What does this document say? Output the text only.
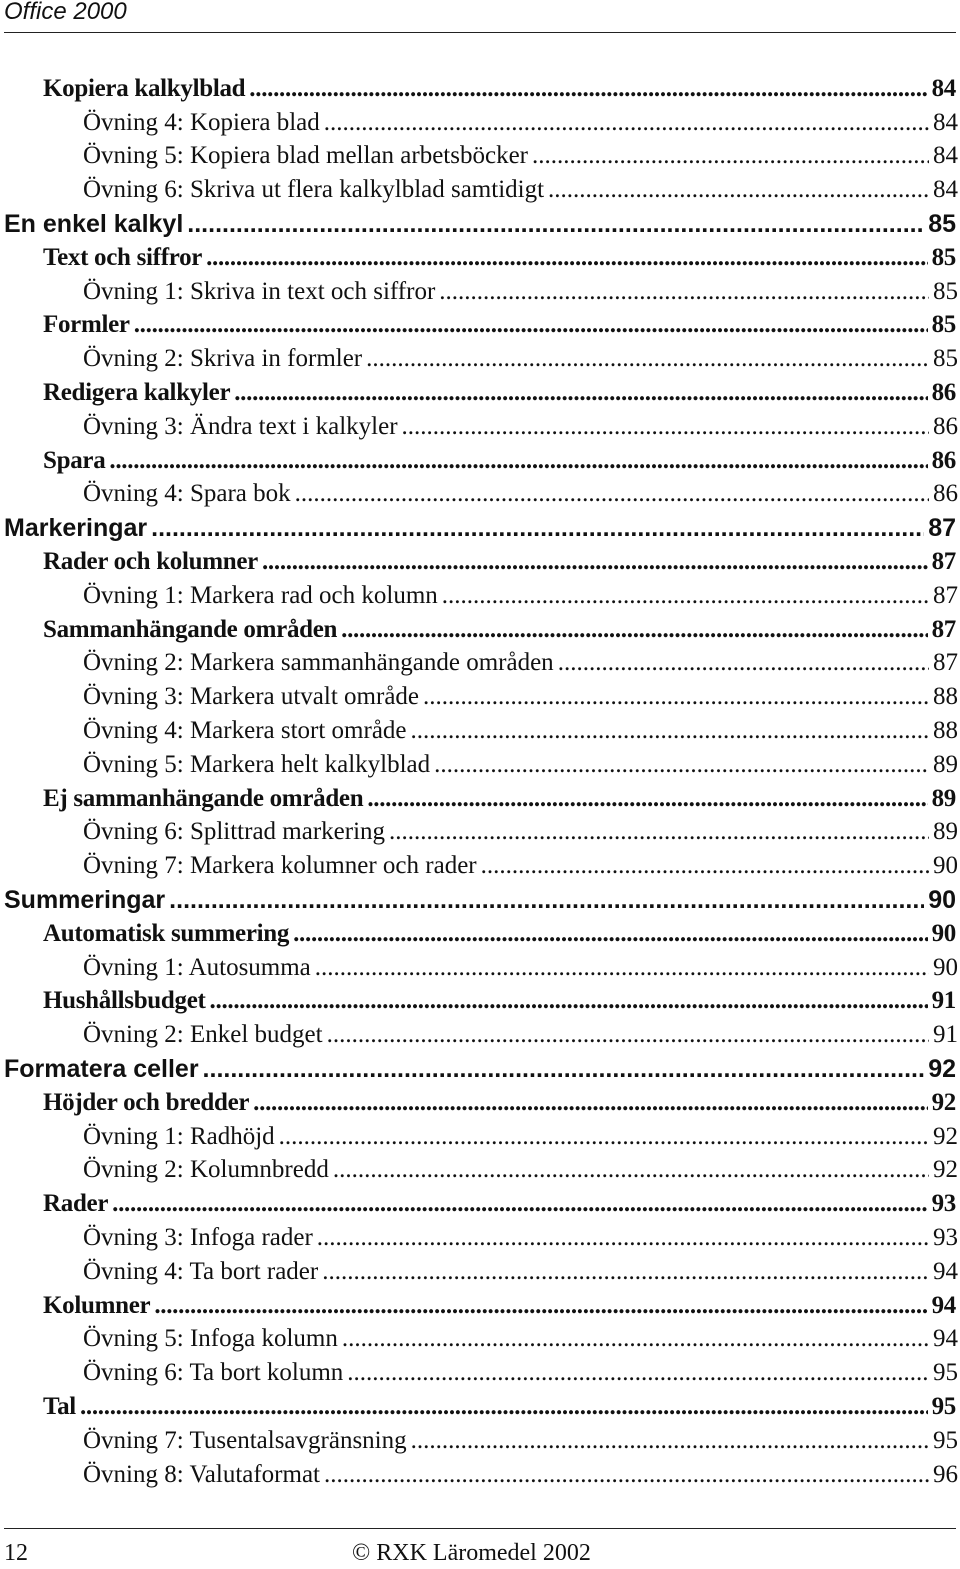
Office 2000
Kopiera kalkylblad .....	84
Övning 4: Kopiera blad .....	84
Övning 5: Kopiera blad mellan arbetsböcker .....	84
Övning 6: Skriva ut flera kalkylblad samtidigt .....	84
En enkel kalkyl .....	85
Text och siffror .....	85
Övning 1: Skriva in text och siffror .....	85
Formler .....	85
Övning 2: Skriva in formler .....	85
Redigera kalkyler .....	86
Övning 3: Ändra text i kalkyler .....	86
Spara .....	86
Övning 4: Spara bok .....	86
Markeringar .....	87
Rader och kolumner .....	87
Övning 1: Markera rad och kolumn .....	87
Sammanhängande områden .....	87
Övning 2: Markera sammanhängande områden .....	87
Övning 3: Markera utvalt område .....	88
Övning 4: Markera stort område .....	88
Övning 5: Markera helt kalkylblad .....	89
Ej sammanhängande områden .....	89
Övning 6: Splittrad markering .....	89
Övning 7: Markera kolumner och rader .....	90
Summeringar .....	90
Automatisk summering .....	90
Övning 1: Autosumma .....	90
Hushållsbudget .....	91
Övning 2: Enkel budget .....	91
Formatera celler .....	92
Höjder och bredder .....	92
Övning 1: Radhöjd .....	92
Övning 2: Kolumnbredd .....	92
Rader .....	93
Övning 3: Infoga rader .....	93
Övning 4: Ta bort rader .....	94
Kolumner .....	94
Övning 5: Infoga kolumn .....	94
Övning 6: Ta bort kolumn .....	95
Tal .....	95
Övning 7: Tusentalsavgränsning .....	95
Övning 8: Valutaformat .....	96
12	© RXK Läromedel 2002
